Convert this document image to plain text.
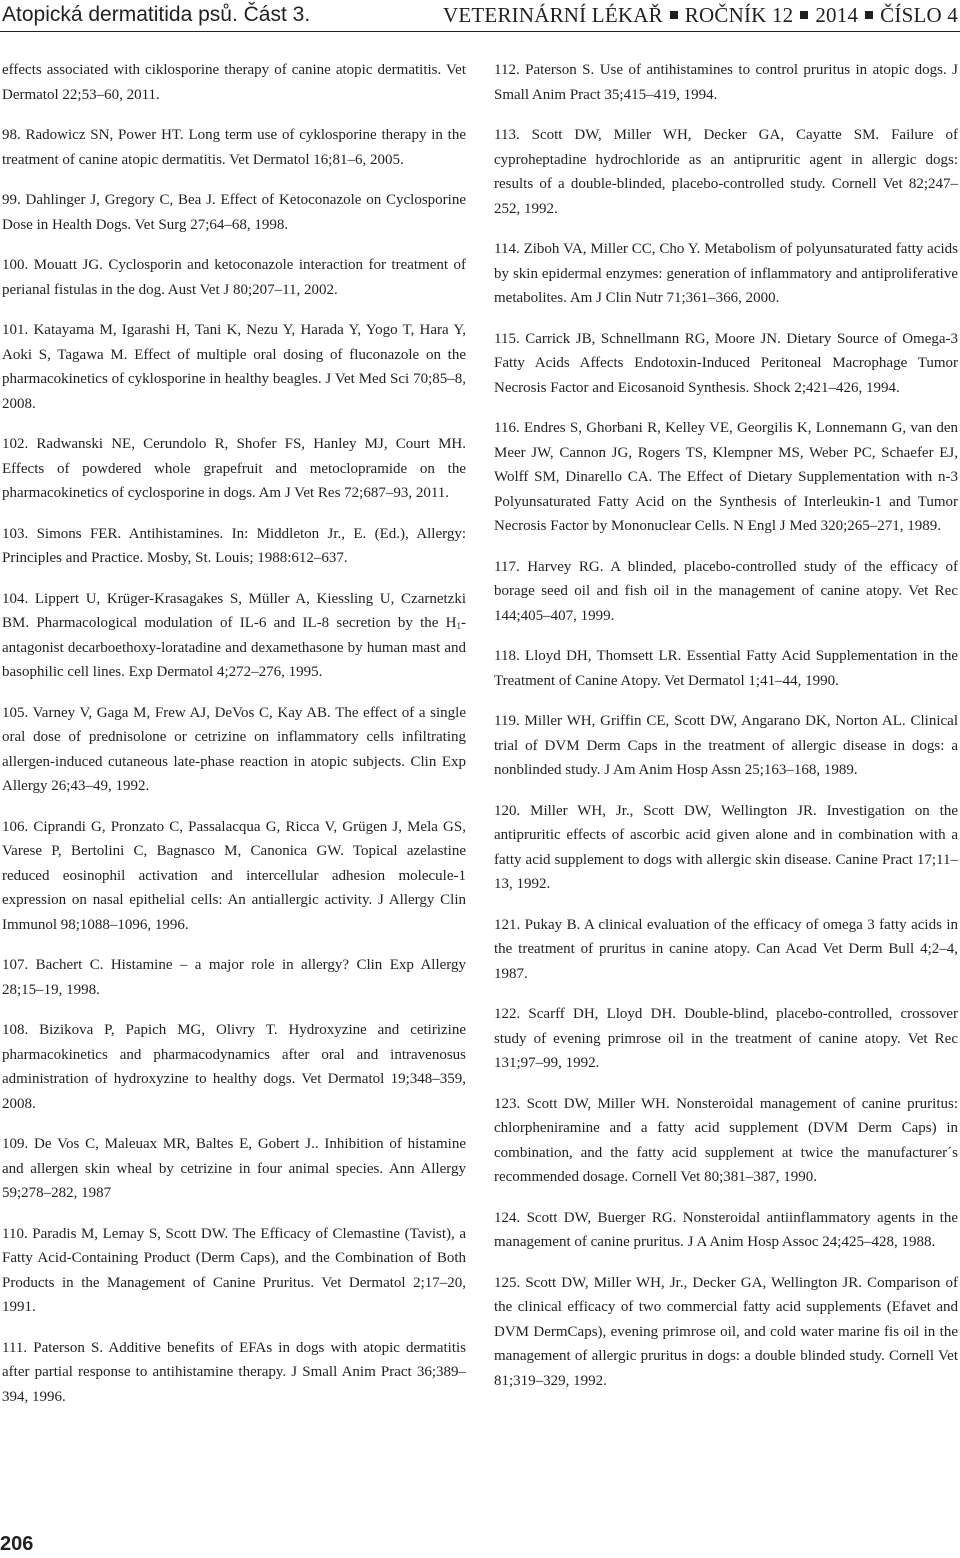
Atopická dermatitida psů. Část 3.	VETERINÁRNÍ LÉKAŘ ROČNÍK 12 2014 ČÍSLO 4

effects associated with ciklosporine therapy of canine atopic dermatitis. Vet Dermatol 22;53–60, 2011.

98. Radowicz SN, Power HT. Long term use of cyklosporine therapy in the treatment of canine atopic dermatitis. Vet Dermatol 16;81–6, 2005.

99. Dahlinger J, Gregory C, Bea J. Effect of Ketoconazole on Cyclosporine Dose in Health Dogs. Vet Surg 27;64–68, 1998.

100. Mouatt JG. Cyclosporin and ketoconazole interaction for treatment of perianal fistulas in the dog. Aust Vet J 80;207–11, 2002.

101. Katayama M, Igarashi H, Tani K, Nezu Y, Harada Y, Yogo T, Hara Y, Aoki S, Tagawa M. Effect of multiple oral dosing of fluconazole on the pharmacokinetics of cyklosporine in healthy beagles. J Vet Med Sci 70;85–8, 2008.

102. Radwanski NE, Cerundolo R, Shofer FS, Hanley MJ, Court MH. Effects of powdered whole grapefruit and metoclopramide on the pharmacokinetics of cyclosporine in dogs. Am J Vet Res 72;687–93, 2011.

103. Simons FER. Antihistamines. In: Middleton Jr., E. (Ed.), Allergy: Principles and Practice. Mosby, St. Louis; 1988:612–637.

104. Lippert U, Krüger-Krasagakes S, Müller A, Kiessling U, Czarnetzki BM. Pharmacological modulation of IL-6 and IL-8 secretion by the $H_1$-antagonist decarboethoxy-loratadine and dexamethasone by human mast and basophilic cell lines. Exp Dermatol 4;272–276, 1995.

105. Varney V, Gaga M, Frew AJ, DeVos C, Kay AB. The effect of a single oral dose of prednisolone or cetrizine on inflammatory cells infiltrating allergen-induced cutaneous late-phase reaction in atopic subjects. Clin Exp Allergy 26;43–49, 1992.

106. Ciprandi G, Pronzato C, Passalacqua G, Ricca V, Grügen J, Mela GS, Varese P, Bertolini C, Bagnasco M, Canonica GW. Topical azelastine reduced eosinophil activation and intercellular adhesion molecule-1 expression on nasal epithelial cells: An antiallergic activity. J Allergy Clin Immunol 98;1088–1096, 1996.

107. Bachert C. Histamine – a major role in allergy? Clin Exp Allergy 28;15–19, 1998.

108. Bizikova P, Papich MG, Olivry T. Hydroxyzine and cetirizine pharmacokinetics and pharmacodynamics after oral and intravenosus administration of hydroxyzine to healthy dogs. Vet Dermatol 19;348–359, 2008.

109. De Vos C, Maleuax MR, Baltes E, Gobert J.. Inhibition of histamine and allergen skin wheal by cetrizine in four animal species. Ann Allergy 59;278–282, 1987

110. Paradis M, Lemay S, Scott DW. The Efficacy of Clemastine (Tavist), a Fatty Acid-Containing Product (Derm Caps), and the Combination of Both Products in the Management of Canine Pruritus. Vet Dermatol 2;17–20, 1991.

111. Paterson S. Additive benefits of EFAs in dogs with atopic dermatitis after partial response to antihistamine therapy. J Small Anim Pract 36;389–394, 1996.

112. Paterson S. Use of antihistamines to control pruritus in atopic dogs. J Small Anim Pract 35;415–419, 1994.

113. Scott DW, Miller WH, Decker GA, Cayatte SM. Failure of cyproheptadine hydrochloride as an antipruritic agent in allergic dogs: results of a double-blinded, placebo-controlled study. Cornell Vet 82;247–252, 1992.

114. Ziboh VA, Miller CC, Cho Y. Metabolism of polyunsaturated fatty acids by skin epidermal enzymes: generation of inflammatory and antiproliferative metabolites. Am J Clin Nutr 71;361–366, 2000.

115. Carrick JB, Schnellmann RG, Moore JN. Dietary Source of Omega-3 Fatty Acids Affects Endotoxin-Induced Peritoneal Macrophage Tumor Necrosis Factor and Eicosanoid Synthesis. Shock 2;421–426, 1994.

116. Endres S, Ghorbani R, Kelley VE, Georgilis K, Lonnemann G, van den Meer JW, Cannon JG, Rogers TS, Klempner MS, Weber PC, Schaefer EJ, Wolff SM, Dinarello CA. The Effect of Dietary Supplementation with n-3 Polyunsaturated Fatty Acid on the Synthesis of Interleukin-1 and Tumor Necrosis Factor by Mononuclear Cells. N Engl J Med 320;265–271, 1989.

117. Harvey RG. A blinded, placebo-controlled study of the efficacy of borage seed oil and fish oil in the management of canine atopy. Vet Rec 144;405–407, 1999.

118. Lloyd DH, Thomsett LR. Essential Fatty Acid Supplementation in the Treatment of Canine Atopy. Vet Dermatol 1;41–44, 1990.

119. Miller WH, Griffin CE, Scott DW, Angarano DK, Norton AL. Clinical trial of DVM Derm Caps in the treatment of allergic disease in dogs: a nonblinded study. J Am Anim Hosp Assn 25;163–168, 1989.

120. Miller WH, Jr., Scott DW, Wellington JR. Investigation on the antipruritic effects of ascorbic acid given alone and in combination with a fatty acid supplement to dogs with allergic skin disease. Canine Pract 17;11–13, 1992.

121. Pukay B. A clinical evaluation of the efficacy of omega 3 fatty acids in the treatment of pruritus in canine atopy. Can Acad Vet Derm Bull 4;2–4, 1987.

122. Scarff DH, Lloyd DH. Double-blind, placebo-controlled, crossover study of evening primrose oil in the treatment of canine atopy. Vet Rec 131;97–99, 1992.

123. Scott DW, Miller WH. Nonsteroidal management of canine pruritus: chlorpheniramine and a fatty acid supplement (DVM Derm Caps) in combination, and the fatty acid supplement at twice the manufacturer´s recommended dosage. Cornell Vet 80;381–387, 1990.

124. Scott DW, Buerger RG. Nonsteroidal antiinflammatory agents in the management of canine pruritus. J A Anim Hosp Assoc 24;425–428, 1988.

125. Scott DW, Miller WH, Jr., Decker GA, Wellington JR. Comparison of the clinical efficacy of two commercial fatty acid supplements (Efavet and DVM DermCaps), evening primrose oil, and cold water marine fis oil in the management of allergic pruritus in dogs: a double blinded study. Cornell Vet 81;319–329, 1992.

206
